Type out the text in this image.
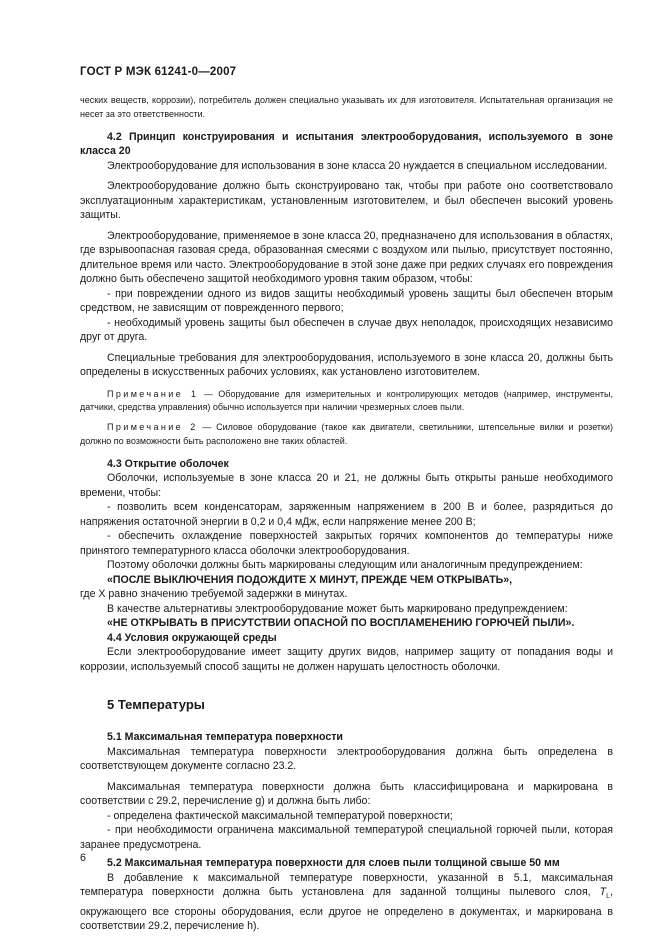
ГОСТ Р МЭК 61241-0—2007

ческих веществ, коррозии), потребитель должен специально указывать их для изготовителя. Испытательная организация не несет за это ответственности.

4.2 Принцип конструирования и испытания электрооборудования, используемого в зоне класса 20

Электрооборудование для использования в зоне класса 20 нуждается в специальном исследовании.

Электрооборудование должно быть сконструировано так, чтобы при работе оно соответствовало эксплуатационным характеристикам, установленным изготовителем, и был обеспечен высокий уровень защиты.

Электрооборудование, применяемое в зоне класса 20, предназначено для использования в областях, где взрывоопасная газовая среда, образованная смесями с воздухом или пылью, присутствует постоянно, длительное время или часто. Электрооборудование в этой зоне даже при редких случаях его повреждения должно быть обеспечено защитой необходимого уровня таким образом, чтобы:

- при повреждении одного из видов защиты необходимый уровень защиты был обеспечен вторым средством, не зависящим от поврежденного первого;

- необходимый уровень защиты был обеспечен в случае двух неполадок, происходящих независимо друг от друга.

Специальные требования для электрооборудования, используемого в зоне класса 20, должны быть определены в искусственных рабочих условиях, как установлено изготовителем.

Примечание 1 — Оборудование для измерительных и контролирующих методов (например, инструменты, датчики, средства управления) обычно используется при наличии чрезмерных слоев пыли.

Примечание 2 — Силовое оборудование (такое как двигатели, светильники, штепсельные вилки и розетки) должно по возможности быть расположено вне таких областей.

4.3 Открытие оболочек

Оболочки, используемые в зоне класса 20 и 21, не должны быть открыты раньше необходимого времени, чтобы:

- позволить всем конденсаторам, заряженным напряжением в 200 В и более, разрядиться до напряжения остаточной энергии в 0,2 и 0,4 мДж, если напряжение менее 200 В;

- обеспечить охлаждение поверхностей закрытых горячих компонентов до температуры ниже принятого температурного класса оболочки электрооборудования.

Поэтому оболочки должны быть маркированы следующим или аналогичным предупреждением:

«ПОСЛЕ ВЫКЛЮЧЕНИЯ ПОДОЖДИТЕ Х МИНУТ, ПРЕЖДЕ ЧЕМ ОТКРЫВАТЬ»,

где Х равно значению требуемой задержки в минутах.

В качестве альтернативы электрооборудование может быть маркировано предупреждением:

«НЕ ОТКРЫВАТЬ В ПРИСУТСТВИИ ОПАСНОЙ ПО ВОСПЛАМЕНЕНИЮ ГОРЮЧЕЙ ПЫЛИ».

4.4 Условия окружающей среды

Если электрооборудование имеет защиту других видов, например защиту от попадания воды и коррозии, используемый способ защиты не должен нарушать целостность оболочки.

5 Температуры

5.1 Максимальная температура поверхности

Максимальная температура поверхности электрооборудования должна быть определена в соответствующем документе согласно 23.2.

Максимальная температура поверхности должна быть классифицирована и маркирована в соответствии с 29.2, перечисление g) и должна быть либо:

- определена фактической максимальной температурой поверхности;

- при необходимости ограничена максимальной температурой специальной горючей пыли, которая заранее предусмотрена.

5.2 Максимальная температура поверхности для слоев пыли толщиной свыше 50 мм

В добавление к максимальной температуре поверхности, указанной в 5.1, максимальная температура поверхности должна быть установлена для заданной толщины пылевого слоя, $T_L$, окружающего все стороны оборудования, если другое не определено в документах, и маркирована в соответствии 29.2, перечисление h).

6
